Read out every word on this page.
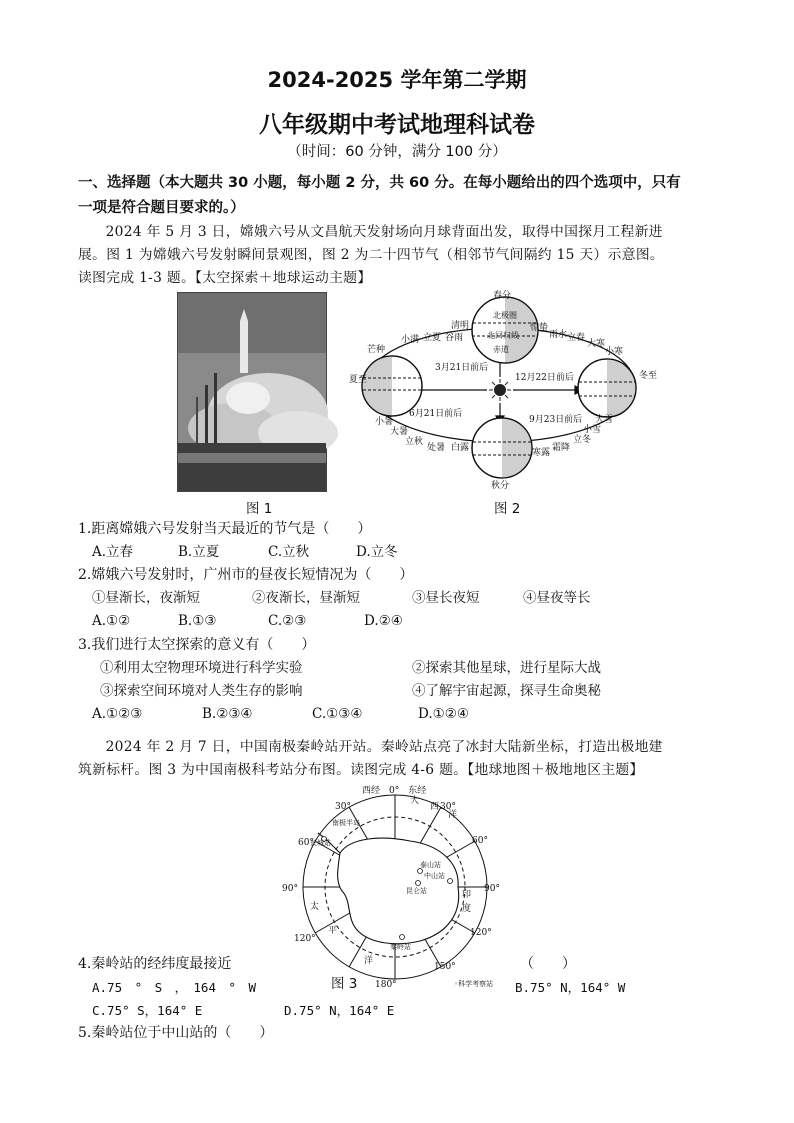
2024-2025 学年第二学期
八年级期中考试地理科试卷
（时间：60 分钟，满分 100 分）
一、选择题（本大题共 30 小题，每小题 2 分，共 60 分。在每小题给出的四个选项中，只有
一项是符合题目要求的。）
2024 年 5 月 3 日，嫦娥六号从文昌航天发射场向月球背面出发，取得中国探月工程新进
展。图 1 为嫦娥六号发射瞬间景观图，图 2 为二十四节气（相邻节气间隔约 15 天）示意图。
读图完成 1-3 题。【太空探索＋地球运动主题】
春分
清明
谷雨
立夏
小满
芒种
夏至
小暑
大暑
立秋
处暑 白露
秋分
寒露 霜降
立冬
小雪
大雪
冬至
小寒
大寒
立春
雨水
惊蛰
北极圈
北回归线
赤道
3月21日前后
12月22日前后
6月21日前后
9月23日前后
图 1	图 2
1.距离嫦娥六号发射当天最近的节气是（　　）
A.立春	B.立夏	C.立秋	D.立冬
2.嫦娥六号发射时，广州市的昼夜长短情况为（　　）
①昼渐长，夜渐短	②夜渐长，昼渐短	③昼长夜短	④昼夜等长
A.①②	B.①③	C.②③	D.②④
3.我们进行太空探索的意义有（　　）
①利用太空物理环境进行科学实验	②探索其他星球，进行星际大战
③探索空间环境对人类生存的影响	④了解宇宙起源，探寻生命奥秘
A.①②③	B.②③④	C.①③④	D.①②④
2024 年 2 月 7 日，中国南极秦岭站开站。秦岭站点亮了冰封大陆新坐标，打造出极地建
筑新标杆。图 3 为中国南极科考站分布图。读图完成 4-6 题。【地球地图＋极地地区主题】
西经　0°　东经
30°	30°
60°	60°
90°	90°
120°
120°
150°
180°	◦科学考察站
长城站
中山站
昆仑站
秦岭站
泰山站
南极半岛
大
西
洋
印
度
太
平
洋
图 3
4.秦岭站的经纬度最接近	（　　）
A.75　°　S　，　164　°　W	B.75° N，164° W
C.75° S，164° E	D.75° N，164° E
5.秦岭站位于中山站的（　　）
